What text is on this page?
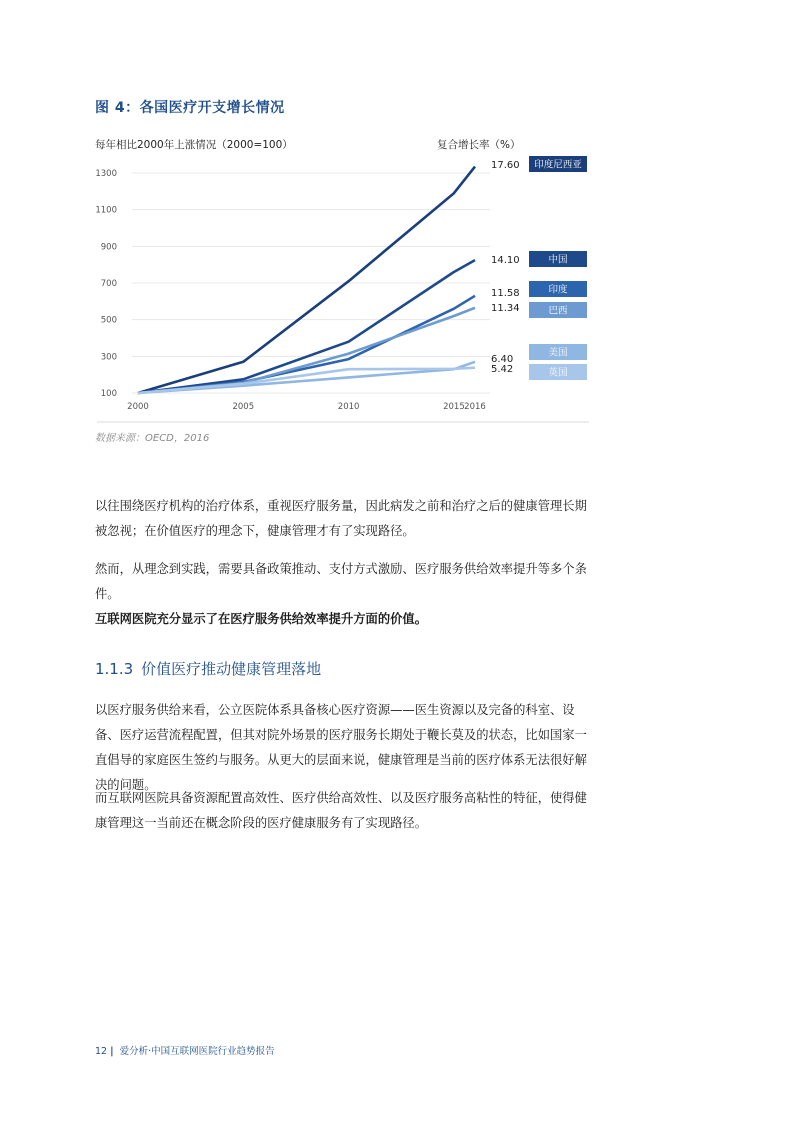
图 4：各国医疗开支增长情况
每年相比2000年上涨情况（2000=100）	复合增长率（%）
100
300
500
700
900
1100
1300
2000	2005	2010	2015 2016
17.60
14.10
11.58
11.34
6.40
5.42
印度尼西亚
中国
印度
巴西
美国
英国
数据来源：OECD，2016
以往围绕医疗机构的治疗体系，重视医疗服务量，因此病发之前和治疗之后的健康管理长期被忽视；在价值医疗的理念下，健康管理才有了实现路径。
然而，从理念到实践，需要具备政策推动、支付方式激励、医疗服务供给效率提升等多个条件。
互联网医院充分显示了在医疗服务供给效率提升方面的价值。
1.1.3 价值医疗推动健康管理落地
以医疗服务供给来看，公立医院体系具备核心医疗资源——医生资源以及完备的科室、设备、医疗运营流程配置，但其对院外场景的医疗服务长期处于鞭长莫及的状态，比如国家一直倡导的家庭医生签约与服务。从更大的层面来说，健康管理是当前的医疗体系无法很好解决的问题。
而互联网医院具备资源配置高效性、医疗供给高效性、以及医疗服务高粘性的特征，使得健康管理这一当前还在概念阶段的医疗健康服务有了实现路径。
12 | 爱分析·中国互联网医院行业趋势报告
